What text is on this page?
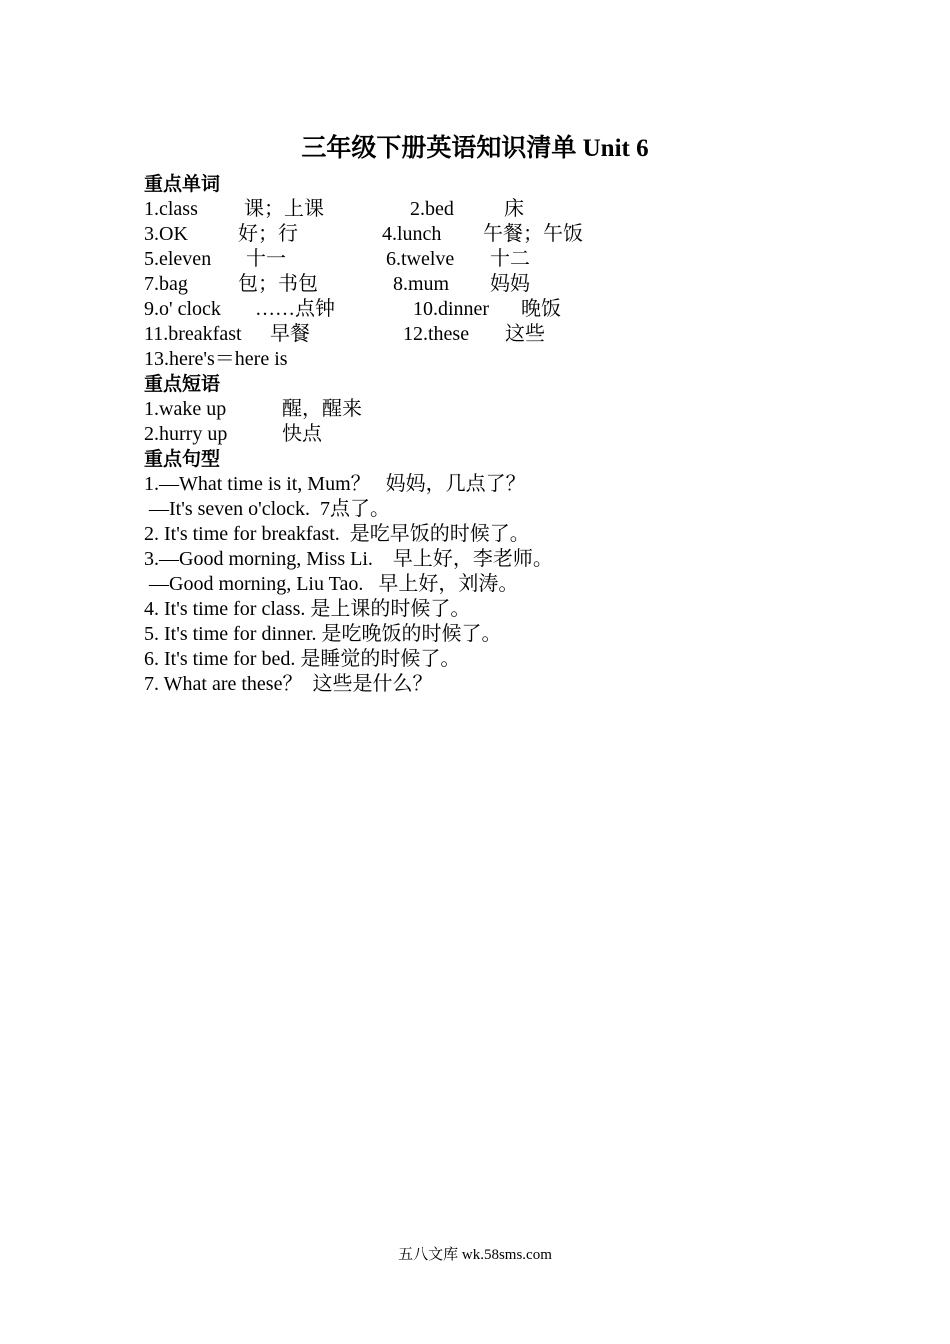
三年级下册英语知识清单 Unit 6
重点单词
1.class 课；上课	2.bed	床
3.OK	好；行	4.lunch 午餐；午饭
5.eleven 十一	6.twelve 十二
7.bag	包；书包	8.mum 妈妈
9.o' clock ……点钟	10.dinner 晚饭
11.breakfast 早餐	12.these 这些
13.here's＝here is
重点短语
1.wake up	醒，醒来
2.hurry up	快点
重点句型
1.—What time is it, Mum？   妈妈，几点了？
—It's seven o'clock.  7点了。
2. It's time for breakfast.  是吃早饭的时候了。
3.—Good morning, Miss Li.    早上好，李老师。
—Good morning, Liu Tao.   早上好，刘涛。
4. It's time for class. 是上课的时候了。
5. It's time for dinner. 是吃晚饭的时候了。
6. It's time for bed. 是睡觉的时候了。
7. What are these？  这些是什么？
五八文库 wk.58sms.com
